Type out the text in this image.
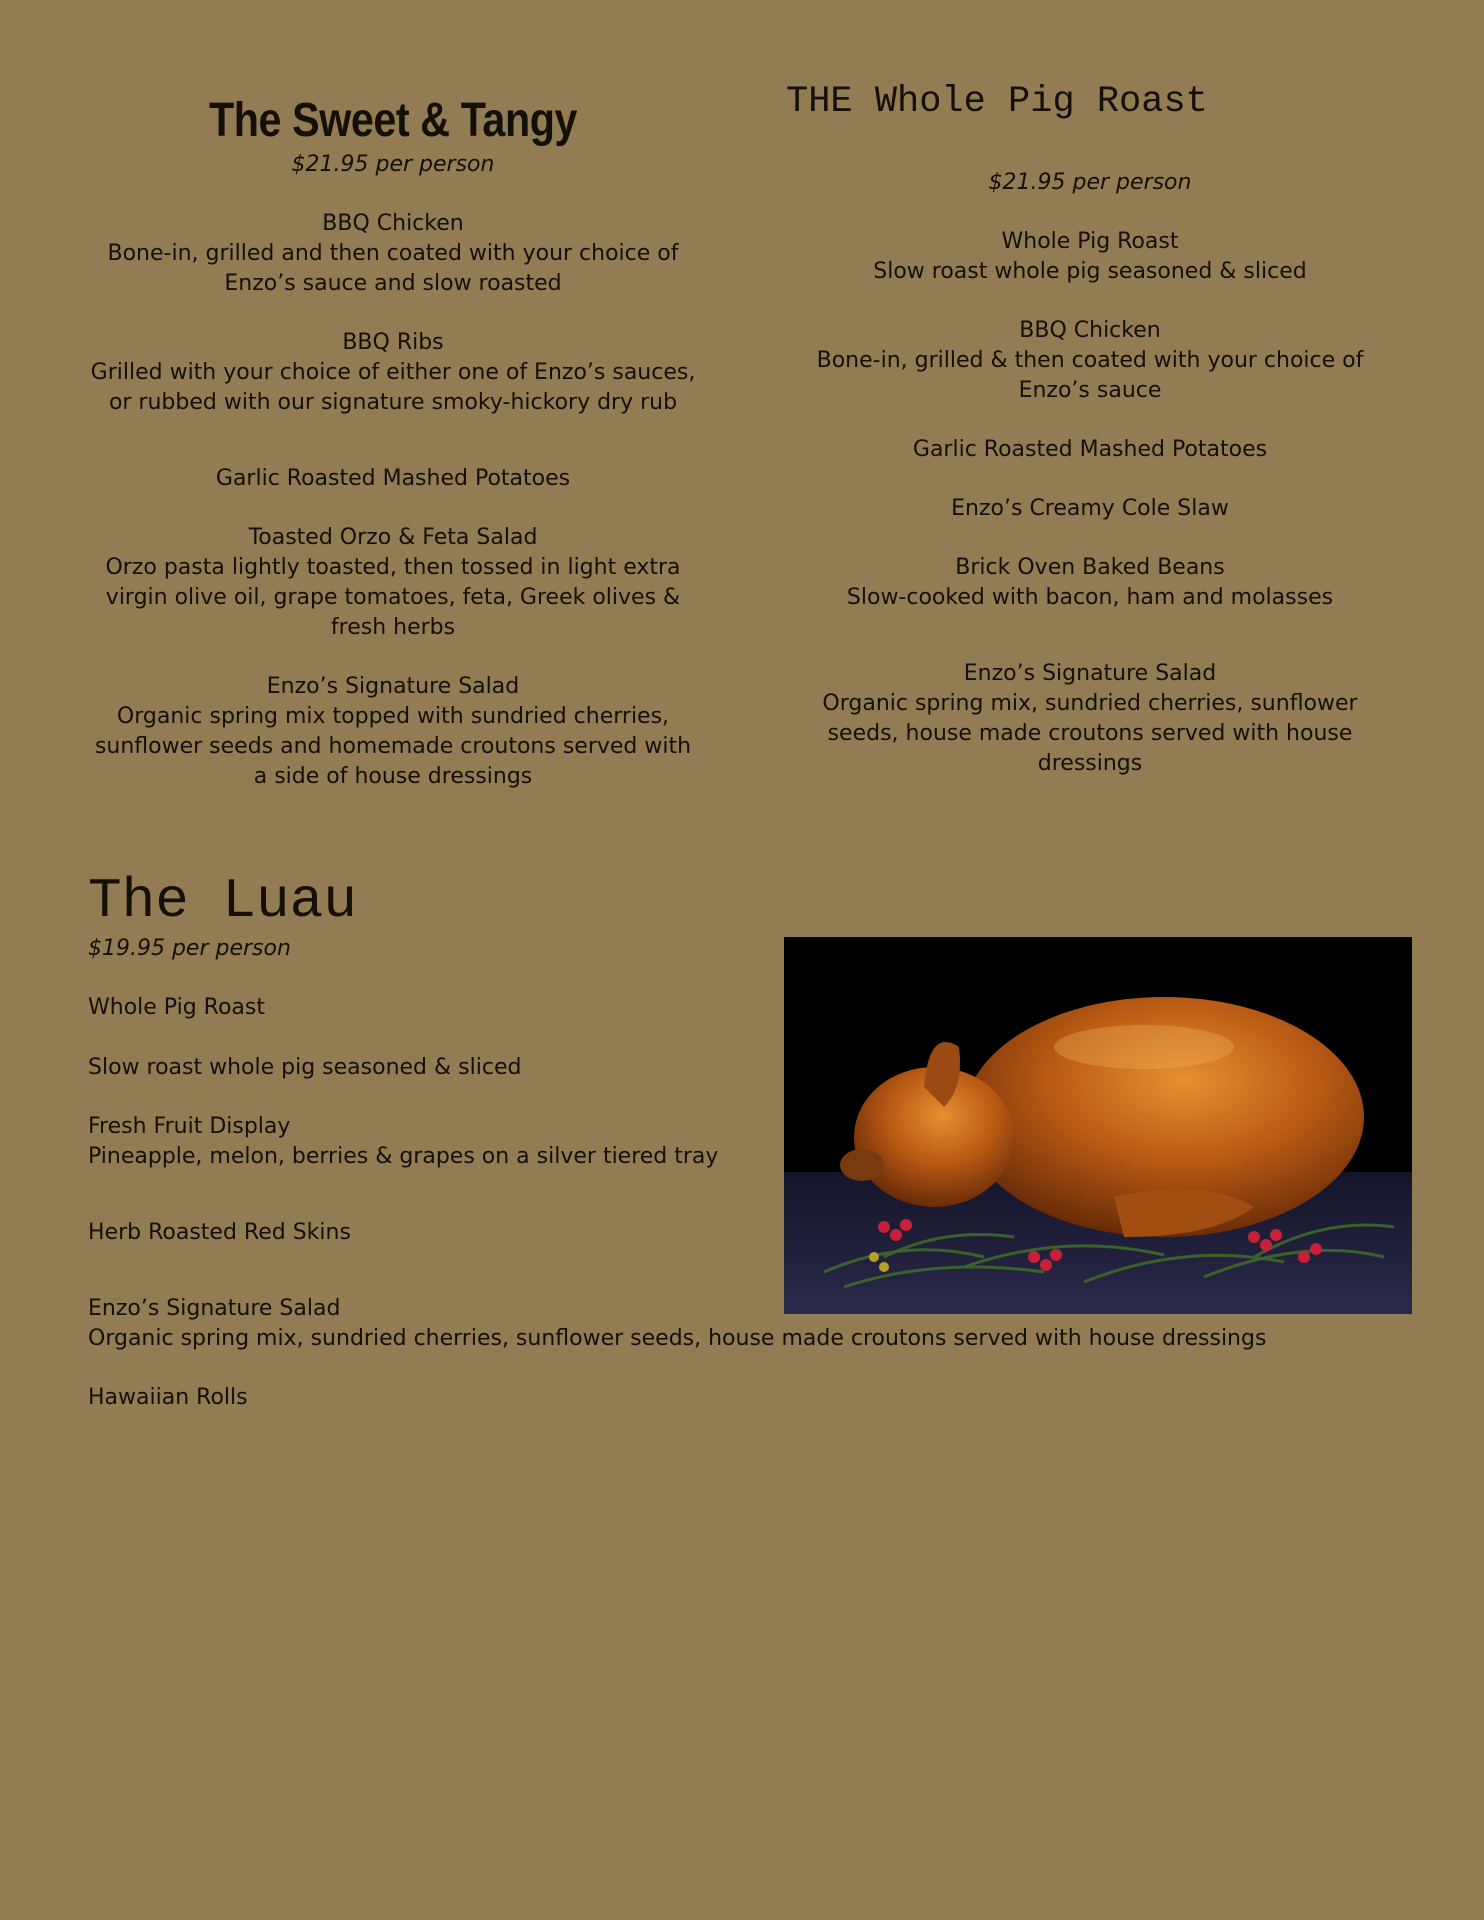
The Sweet & Tangy

$21.95 per person

BBQ Chicken
Bone-in, grilled and then coated with your choice of Enzo’s sauce and slow roasted
BBQ Ribs
Grilled with your choice of either one of Enzo’s sauces, or rubbed with our signature smoky-hickory dry rub
Garlic Roasted Mashed Potatoes
Toasted Orzo & Feta Salad
Orzo pasta lightly toasted, then tossed in light extra virgin olive oil, grape tomatoes, feta, Greek olives & fresh herbs
Enzo’s Signature Salad
Organic spring mix topped with sundried cherries, sunflower seeds and homemade croutons served with a side of house dressings
THE Whole Pig Roast

$21.95 per person

Whole Pig Roast
Slow roast whole pig seasoned & sliced
BBQ Chicken
Bone-in, grilled & then coated with your choice of Enzo’s sauce
Garlic Roasted Mashed Potatoes
Enzo’s Creamy Cole Slaw
Brick Oven Baked Beans
Slow-cooked with bacon, ham and molasses
Enzo’s Signature Salad
Organic spring mix, sundried cherries, sunflower seeds, house made croutons served with house dressings
The Luau

$19.95 per person

Whole Pig Roast
Slow roast whole pig seasoned & sliced
Fresh Fruit Display
Pineapple, melon, berries & grapes on a silver tiered tray
Herb Roasted Red Skins
Enzo’s Signature Salad
Organic spring mix, sundried cherries, sunflower seeds, house made croutons served with house dressings
Hawaiian Rolls
